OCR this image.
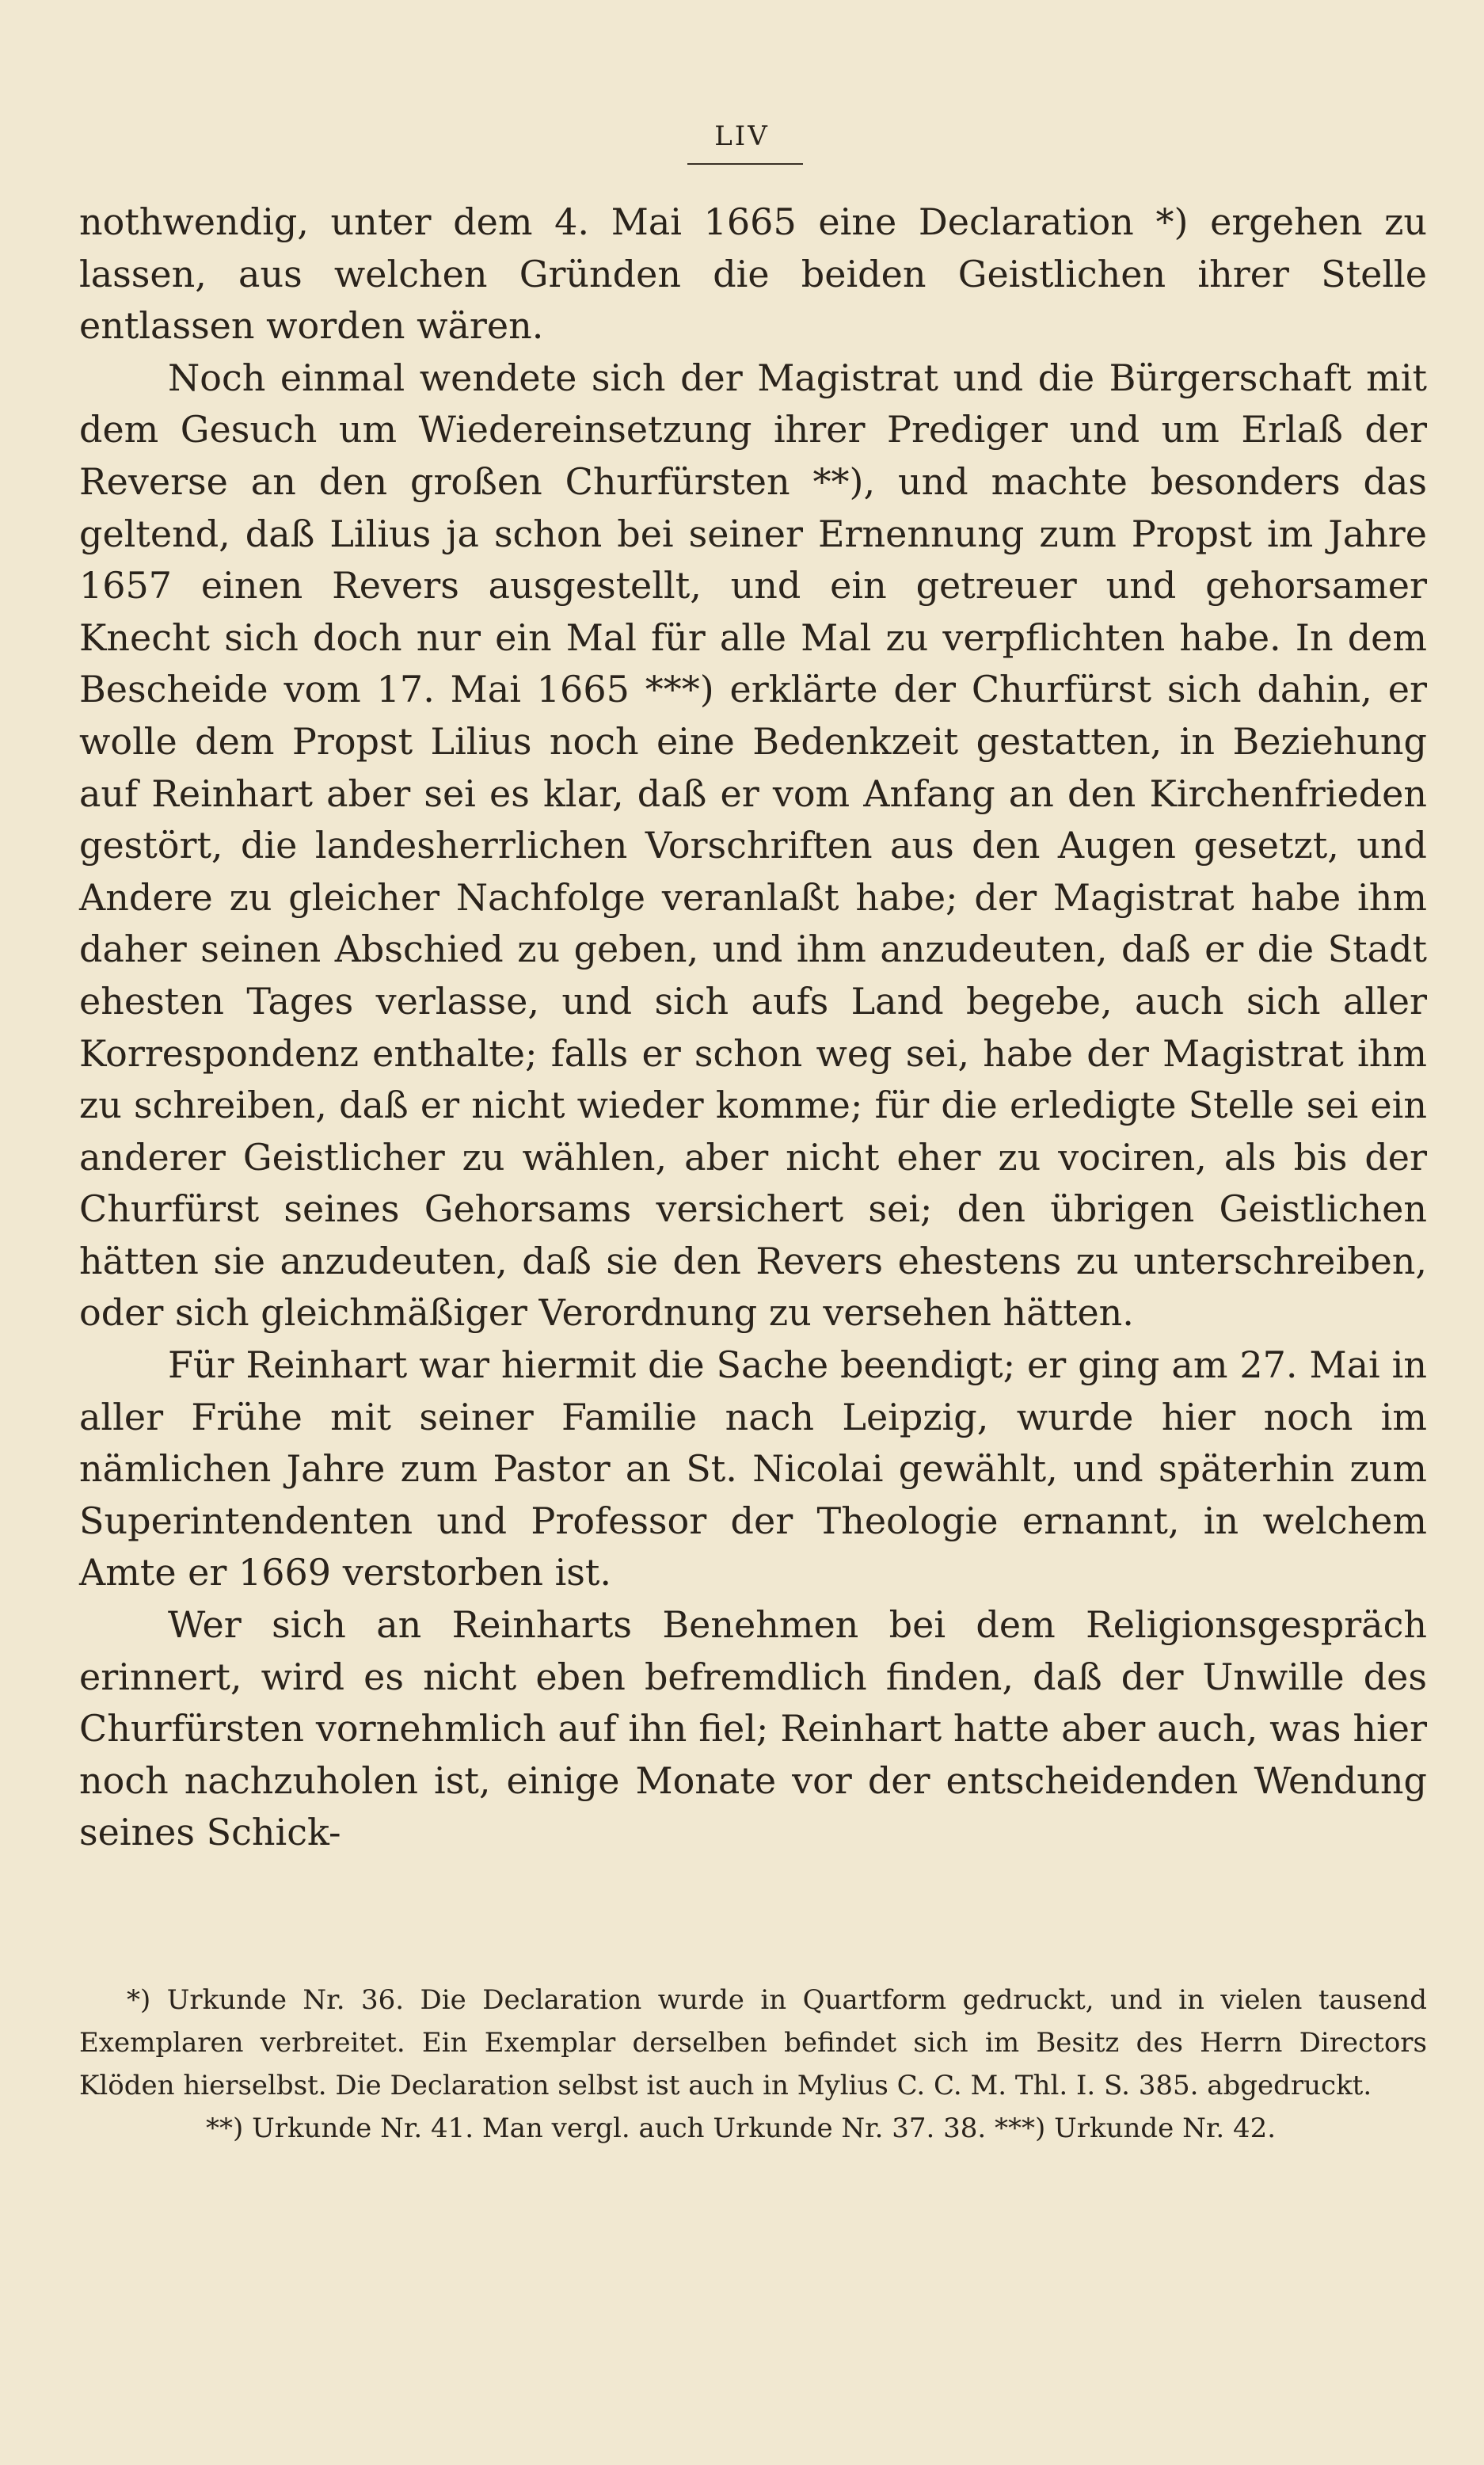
LIV

nothwendig, unter dem 4. Mai 1665 eine Declaration *) ergehen zu lassen, aus welchen Gründen die beiden Geistlichen ihrer Stelle entlassen worden wären.

Noch einmal wendete sich der Magistrat und die Bürgerschaft mit dem Gesuch um Wiedereinsetzung ihrer Prediger und um Erlaß der Reverse an den großen Churfürsten **), und machte besonders das geltend, daß Lilius ja schon bei seiner Ernennung zum Propst im Jahre 1657 einen Revers ausgestellt, und ein getreuer und gehorsamer Knecht sich doch nur ein Mal für alle Mal zu verpflichten habe. In dem Bescheide vom 17. Mai 1665 ***) erklärte der Churfürst sich dahin, er wolle dem Propst Lilius noch eine Bedenkzeit gestatten, in Beziehung auf Reinhart aber sei es klar, daß er vom Anfang an den Kirchenfrieden gestört, die landesherrlichen Vorschriften aus den Augen gesetzt, und Andere zu gleicher Nachfolge veranlaßt habe; der Magistrat habe ihm daher seinen Abschied zu geben, und ihm anzudeuten, daß er die Stadt ehesten Tages verlasse, und sich aufs Land begebe, auch sich aller Korrespondenz enthalte; falls er schon weg sei, habe der Magistrat ihm zu schreiben, daß er nicht wieder komme; für die erledigte Stelle sei ein anderer Geistlicher zu wählen, aber nicht eher zu vociren, als bis der Churfürst seines Gehorsams versichert sei; den übrigen Geistlichen hätten sie anzudeuten, daß sie den Revers ehestens zu unterschreiben, oder sich gleichmäßiger Verordnung zu versehen hätten.

Für Reinhart war hiermit die Sache beendigt; er ging am 27. Mai in aller Frühe mit seiner Familie nach Leipzig, wurde hier noch im nämlichen Jahre zum Pastor an St. Nicolai gewählt, und späterhin zum Superintendenten und Professor der Theologie ernannt, in welchem Amte er 1669 verstorben ist.

Wer sich an Reinharts Benehmen bei dem Religionsgespräch erinnert, wird es nicht eben befremdlich finden, daß der Unwille des Churfürsten vornehmlich auf ihn fiel; Reinhart hatte aber auch, was hier noch nachzuholen ist, einige Monate vor der entscheidenden Wendung seines Schick-

*) Urkunde Nr. 36. Die Declaration wurde in Quartform gedruckt, und in vielen tausend Exemplaren verbreitet. Ein Exemplar derselben befindet sich im Besitz des Herrn Directors Klöden hierselbst. Die Declaration selbst ist auch in Mylius C. C. M. Thl. I. S. 385. abgedruckt.

**) Urkunde Nr. 41. Man vergl. auch Urkunde Nr. 37. 38. ***) Urkunde Nr. 42.
